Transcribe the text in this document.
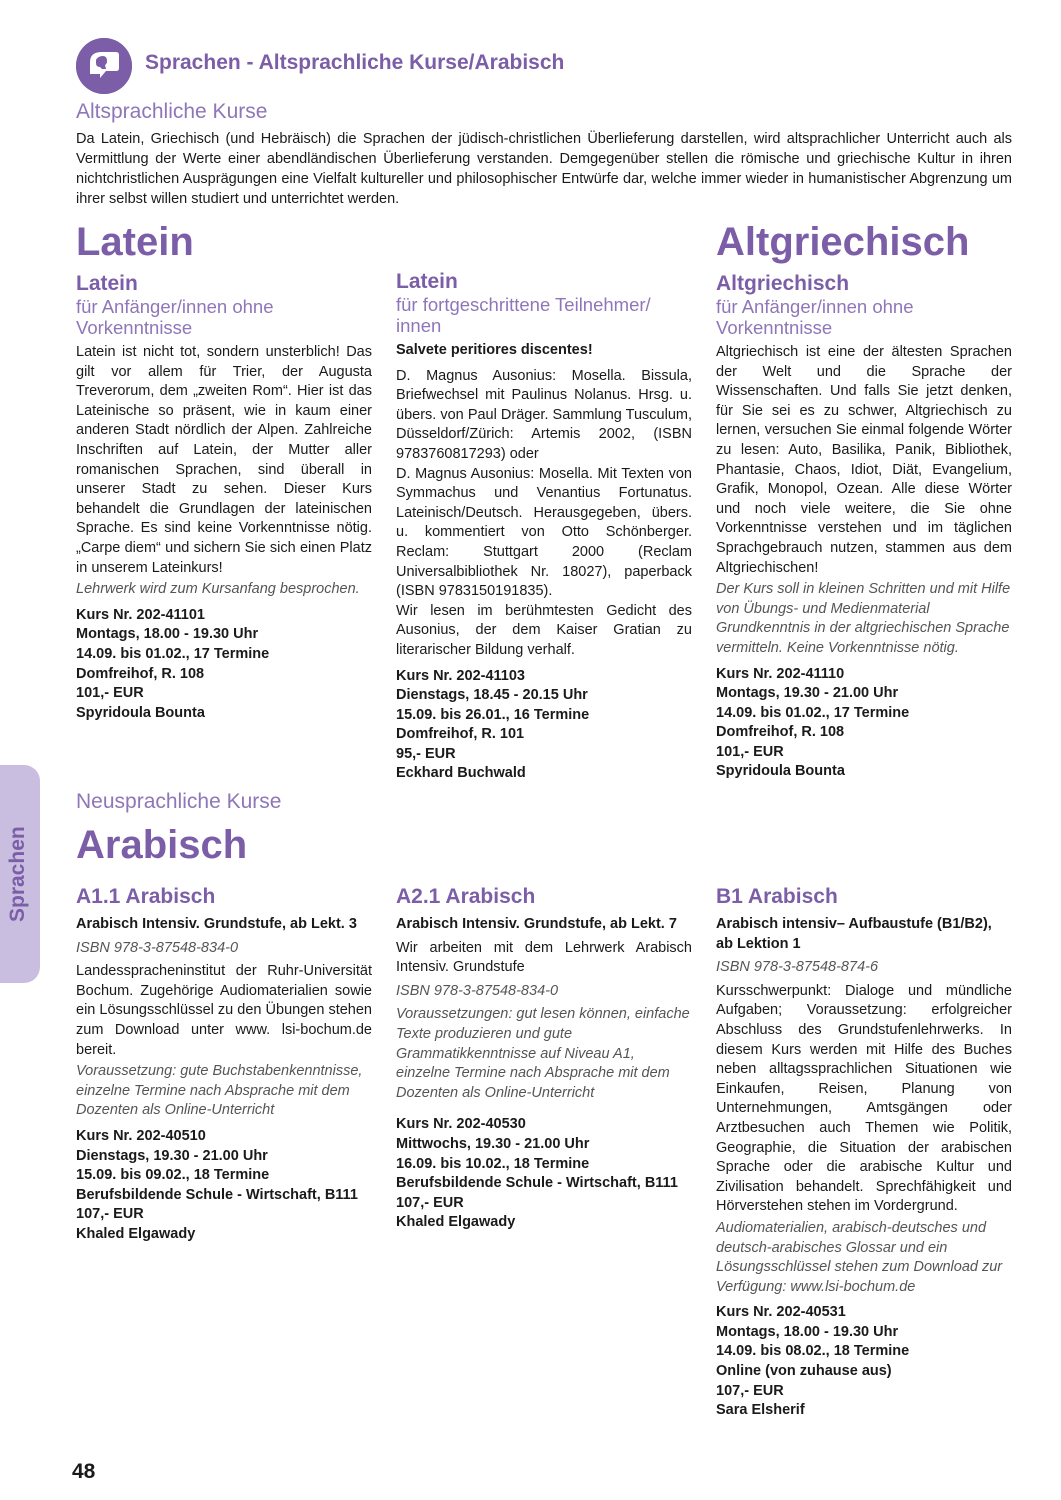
Sprachen - Altsprachliche Kurse/Arabisch
Altsprachliche Kurse
Da Latein, Griechisch (und Hebräisch) die Sprachen der jüdisch-christlichen Überlieferung darstellen, wird altsprachlicher Unterricht auch als Vermittlung der Werte einer abendländischen Überlieferung verstanden. Demgegenüber stellen die römische und griechische Kultur in ihren nichtchristlichen Ausprägungen eine Vielfalt kultureller und philosophischer Entwürfe dar, welche immer wieder in humanistischer Abgrenzung um ihrer selbst willen studiert und unterrichtet werden.
Latein	Altgriechisch

Latein

für Anfänger/innen ohne Vorkenntnisse

Latein ist nicht tot, sondern unsterblich! Das gilt vor allem für Trier, der Augusta Treverorum, dem „zweiten Rom“. Hier ist das Lateinische so präsent, wie in kaum einer anderen Stadt nördlich der Alpen. Zahlreiche Inschriften auf Latein, der Mutter aller romanischen Sprachen, sind überall in unserer Stadt zu sehen. Dieser Kurs behandelt die Grundlagen der lateinischen Sprache. Es sind keine Vorkenntnisse nötig. „Carpe diem“ und sichern Sie sich einen Platz in unserem Lateinkurs!

Lehrwerk wird zum Kursanfang besprochen.

Kurs Nr. 202-41101

Montags, 18.00 - 19.30 Uhr

14.09. bis 01.02., 17 Termine

Domfreihof, R. 108

101,- EUR

Spyridoula Bounta

Latein

für fortgeschrittene Teilnehmer/ innen

Salvete peritiores discentes!

D. Magnus Ausonius: Mosella. Bissula, Briefwechsel mit Paulinus Nolanus. Hrsg. u. übers. von Paul Dräger. Sammlung Tusculum, Düsseldorf/Zürich: Artemis 2002, (ISBN 9783760817293) oder

D. Magnus Ausonius: Mosella. Mit Texten von Symmachus und Venantius Fortunatus. Lateinisch/Deutsch. Herausgegeben, übers. u. kommentiert von Otto Schönberger. Reclam: Stuttgart 2000 (Reclam Universalbibliothek Nr. 18027), paperback (ISBN 9783150191835).

Wir lesen im berühmtesten Gedicht des Ausonius, der dem Kaiser Gratian zu literarischer Bildung verhalf.

Kurs Nr. 202-41103

Dienstags, 18.45 - 20.15 Uhr

15.09. bis 26.01., 16 Termine

Domfreihof, R. 101

95,- EUR

Eckhard Buchwald

Altgriechisch

für Anfänger/innen ohne Vorkenntnisse

Altgriechisch ist eine der ältesten Sprachen der Welt und die Sprache der Wissenschaften. Und falls Sie jetzt denken, für Sie sei es zu schwer, Altgriechisch zu lernen, versuchen Sie einmal folgende Wörter zu lesen: Auto, Basilika, Panik, Bibliothek, Phantasie, Chaos, Idiot, Diät, Evangelium, Grafik, Monopol, Ozean. Alle diese Wörter und noch viele weitere, die Sie ohne Vorkenntnisse verstehen und im täglichen Sprachgebrauch nutzen, stammen aus dem Altgriechischen!

Der Kurs soll in kleinen Schritten und mit Hilfe von Übungs- und Medienmaterial Grundkenntnis in der altgriechischen Sprache vermitteln. Keine Vorkenntnisse nötig.

Kurs Nr. 202-41110

Montags, 19.30 - 21.00 Uhr

14.09. bis 01.02., 17 Termine

Domfreihof, R. 108

101,- EUR

Spyridoula Bounta

Neusprachliche Kurse
Arabisch

A1.1 Arabisch

Arabisch Intensiv. Grundstufe, ab Lekt. 3

ISBN 978-3-87548-834-0

Landesspracheninstitut der Ruhr-Universität Bochum. Zugehörige Audiomaterialien sowie ein Lösungsschlüssel zu den Übungen stehen zum Download unter www. lsi-bochum.de bereit.

Voraussetzung: gute Buchstabenkenntnisse, einzelne Termine nach Absprache mit dem Dozenten als Online-Unterricht

Kurs Nr. 202-40510

Dienstags, 19.30 - 21.00 Uhr

15.09. bis 09.02., 18 Termine

Berufsbildende Schule - Wirtschaft, B111

107,- EUR

Khaled Elgawady

A2.1 Arabisch

Arabisch Intensiv. Grundstufe, ab Lekt. 7

Wir arbeiten mit dem Lehrwerk Arabisch Intensiv. Grundstufe

ISBN 978-3-87548-834-0

Voraussetzungen: gut lesen können, einfache Texte produzieren und gute Grammatikkenntnisse auf Niveau A1, einzelne Termine nach Absprache mit dem Dozenten als Online-Unterricht

Kurs Nr. 202-40530

Mittwochs, 19.30 - 21.00 Uhr

16.09. bis 10.02., 18 Termine

Berufsbildende Schule - Wirtschaft, B111

107,- EUR

Khaled Elgawady

B1 Arabisch

Arabisch intensiv– Aufbaustufe (B1/B2), ab Lektion 1

ISBN 978-3-87548-874-6

Kursschwerpunkt: Dialoge und mündliche Aufgaben; Voraussetzung: erfolgreicher Abschluss des Grundstufenlehrwerks. In diesem Kurs werden mit Hilfe des Buches neben alltagssprachlichen Situationen wie Einkaufen, Reisen, Planung von Unternehmungen, Amtsgängen oder Arztbesuchen auch Themen wie Politik, Geographie, die Situation der arabischen Sprache oder die arabische Kultur und Zivilisation behandelt. Sprechfähigkeit und Hörverstehen stehen im Vordergrund.

Audiomaterialien, arabisch-deutsches und deutsch-arabisches Glossar und ein Lösungsschlüssel stehen zum Download zur Verfügung: www.lsi-bochum.de

Kurs Nr. 202-40531

Montags, 18.00 - 19.30 Uhr

14.09. bis 08.02., 18 Termine

Online (von zuhause aus)

107,- EUR

Sara Elsherif

Sprachen
48
